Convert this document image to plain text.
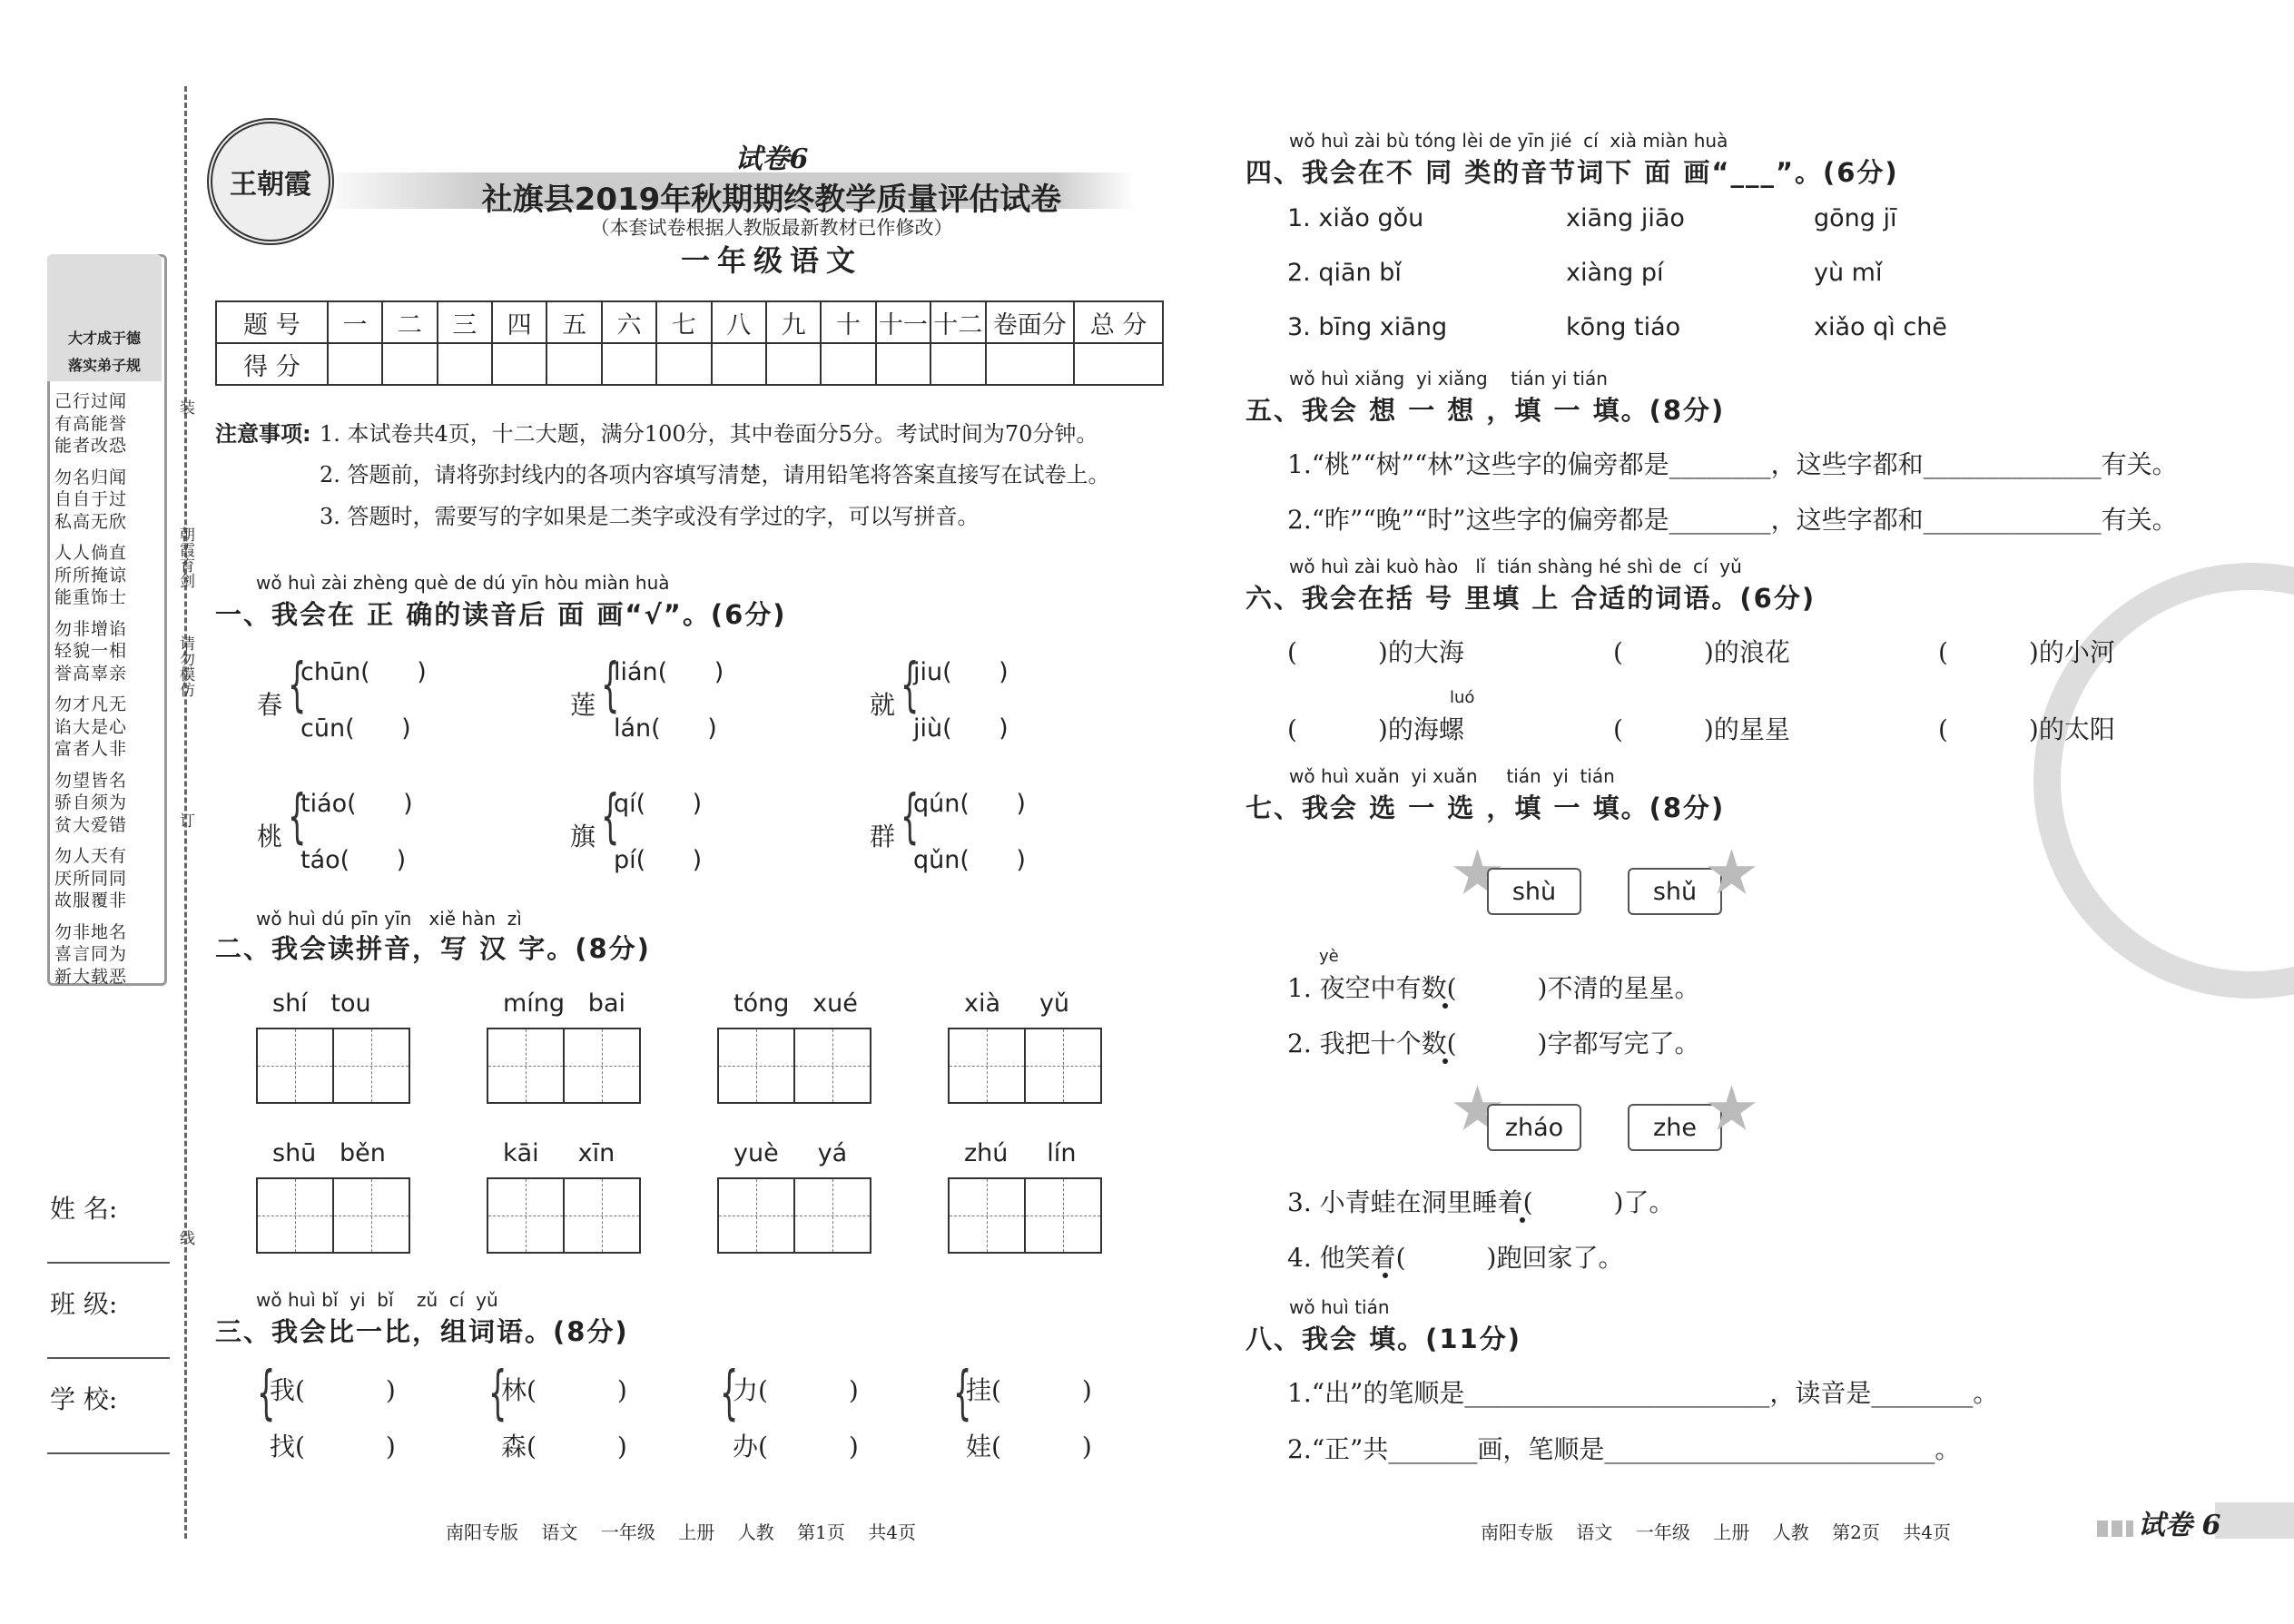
大才成于德
落实弟子规
己行过闻
有高能誉
能者改恐
勿名归闻
自自于过
私高无欣
人人倘直
所所掩谅
能重饰士
勿非增谄
轻貌一相
誉高辜亲
勿才凡无
谄大是心
富者人非
勿望皆名
骄自须为
贫大爱错
勿人天有
厌所同同
故服覆非
勿非地名
喜言同为
新大载恶
装
朝霞育剑
请勿模仿
订
线
姓 名:
班 级:
学 校:
王朝霞
试卷6
社旗县2019年秋期期终教学质量评估试卷
（本套试卷根据人教版最新教材已作修改）
一年级语文
题 号	一	二	三	四	五	六	七	八	九	十	十一	十二	卷面分	总 分
得 分														
注意事项: 1. 本试卷共4页，十二大题，满分100分，其中卷面分5分。考试时间为70分钟。
2. 答题前，请将弥封线内的各项内容填写清楚，请用铅笔将答案直接写在试卷上。
3. 答题时，需要写的字如果是二类字或没有学过的字，可以写拼音。
wǒ huì zài zhèng què de dú yīn hòu miàn huà
一、我会在 正 确的读音后 面 画“√”。(6分)
wǒ huì dú pīn yīn   xiě hàn  zì
二、我会读拼音，写 汉 字。(8分)
wǒ huì bǐ  yi  bǐ    zǔ  cí  yǔ
三、我会比一比，组词语。(8分)
南阳专版    语文    一年级    上册    人教    第1页    共4页
wǒ huì zài bù tóng lèi de yīn jié  cí  xià miàn huà
四、我会在不 同 类的音节词下 面 画“___”。(6分)
wǒ huì xiǎng  yi xiǎng    tián yi tián
五、我会 想 一 想 ，填 一 填。(8分)
1.“桃”“树”“林”这些字的偏旁都是________，这些字都和______________有关。
2.“昨”“晚”“时”这些字的偏旁都是________，这些字都和______________有关。
wǒ huì zài kuò hào   lǐ  tián shàng hé shì de  cí  yǔ
六、我会在括 号 里填 上 合适的词语。(6分)
(          )的大海	(          )的浪花	(          )的小河
luó
(          )的海螺	(          )的星星	(          )的太阳
wǒ huì xuǎn  yi xuǎn     tián  yi  tián
七、我会 选 一 选 ，填 一 填。(8分)
shù	shǔ
yè
1. 夜空中有数(          )不清的星星。
2. 我把十个数(          )字都写完了。
zháo	zhe
3. 小青蛙在洞里睡着(          )了。
4. 他笑着(          )跑回家了。
wǒ huì tián
八、我会 填。(11分)
1.“出”的笔顺是________________________，读音是________。
2.“正”共_______画，笔顺是__________________________。
南阳专版    语文    一年级    上册    人教    第2页    共4页	试卷 6
春 {
chūn(      )
cūn(      )
莲 {
lián(      )
lán(      )
就 {
jiu(      )
jiù(      )
桃 {
tiáo(      )
táo(      )
旗 {
qí(      )
pí(      )
群 {
qún(      )
qǔn(      )
shí   tou	míng   bai	tóng   xué	xià     yǔ
shū   běn	kāi     xīn	yuè     yá	zhú     lín
{
我(          )
找(          )
{
林(          )
森(          )
{
力(          )
办(          )
{
挂(          )
娃(          )
1. xiǎo gǒu	xiāng jiāo	gōng jī
2. qiān bǐ	xiàng pí	yù mǐ
3. bīng xiāng	kōng tiáo	xiǎo qì chē
